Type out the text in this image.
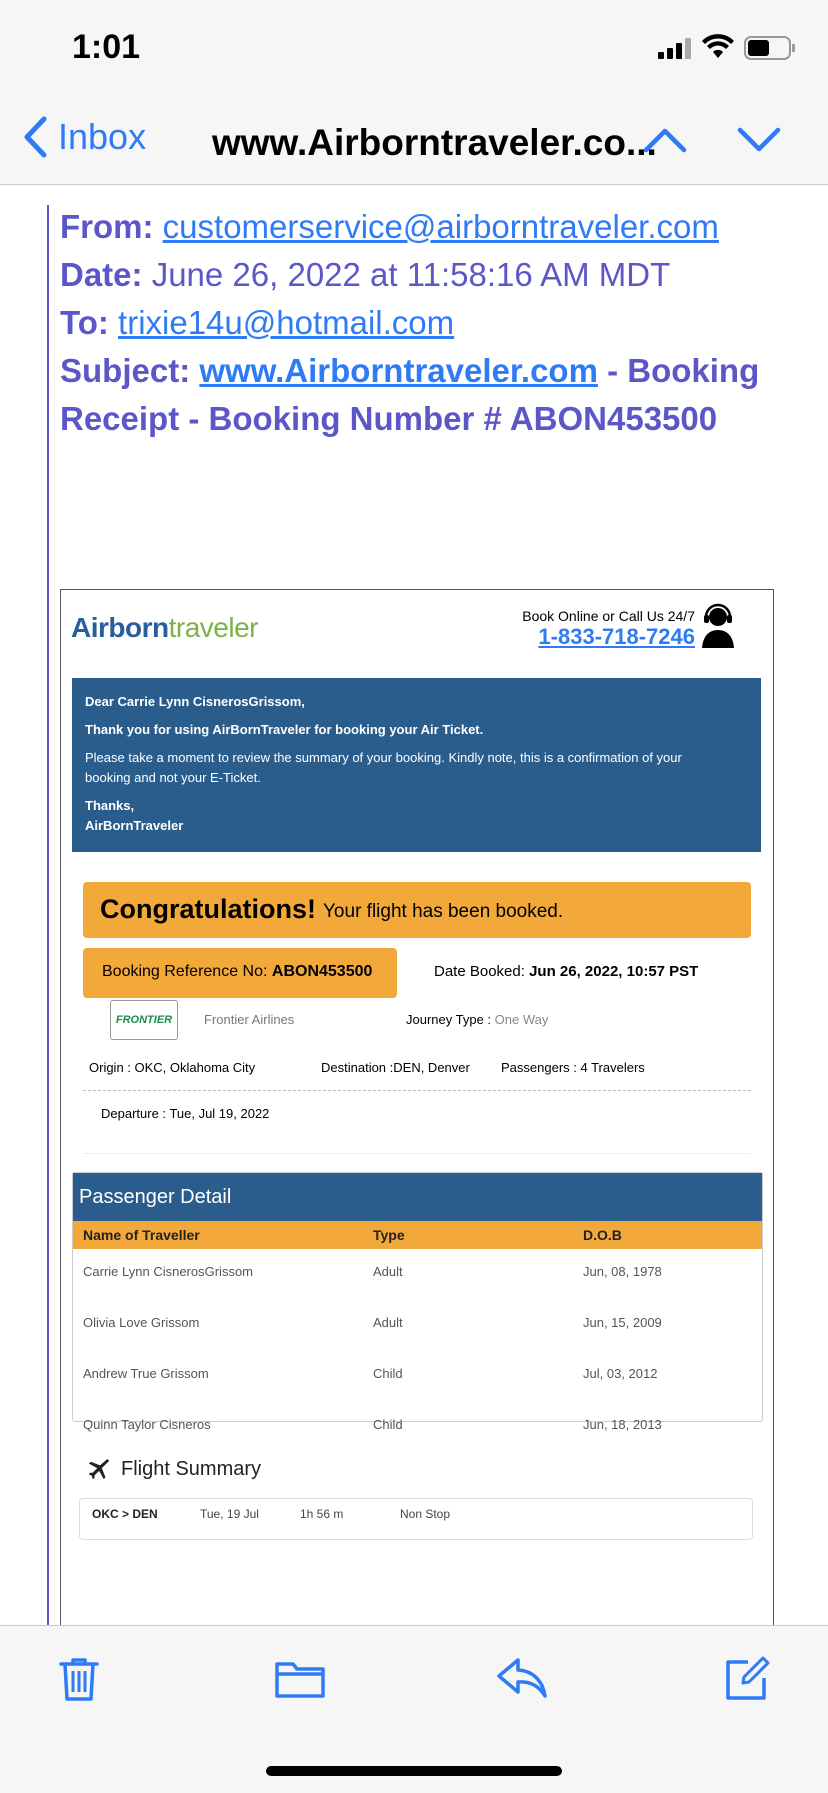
1:01
Inbox www.Airborntraveler.co...
From: customerservice@airborntraveler.com
Date: June 26, 2022 at 11:58:16 AM MDT
To: trixie14u@hotmail.com
Subject: www.Airborntraveler.com - Booking Receipt - Booking Number # ABON453500
Airborntraveler	Book Online or Call Us 24/7
1-833-718-7246

Dear Carrie Lynn CisnerosGrissom,

Thank you for using AirBornTraveler for booking your Air Ticket.

Please take a moment to review the summary of your booking. Kindly note, this is a confirmation of your booking and not your E-Ticket.

Thanks,

AirBornTraveler

Congratulations! Your flight has been booked.
Booking Reference No: ABON453500	Date Booked: Jun 26, 2022, 10:57 PST
FRONTIER	Frontier Airlines	Journey Type : One Way
Origin : OKC, Oklahoma City	Destination :DEN, Denver Passengers : 4 Travelers
Departure : Tue, Jul 19, 2022
Passenger Detail
Name of Traveller	Type	D.O.B
Carrie Lynn CisnerosGrissom	Adult	Jun, 08, 1978
Olivia Love Grissom	Adult	Jun, 15, 2009
Andrew True Grissom	Child	Jul, 03, 2012
Quinn Taylor Cisneros	Child	Jun, 18, 2013
Flight Summary
OKC > DEN	Tue, 19 Jul	1h 56 m	Non Stop
